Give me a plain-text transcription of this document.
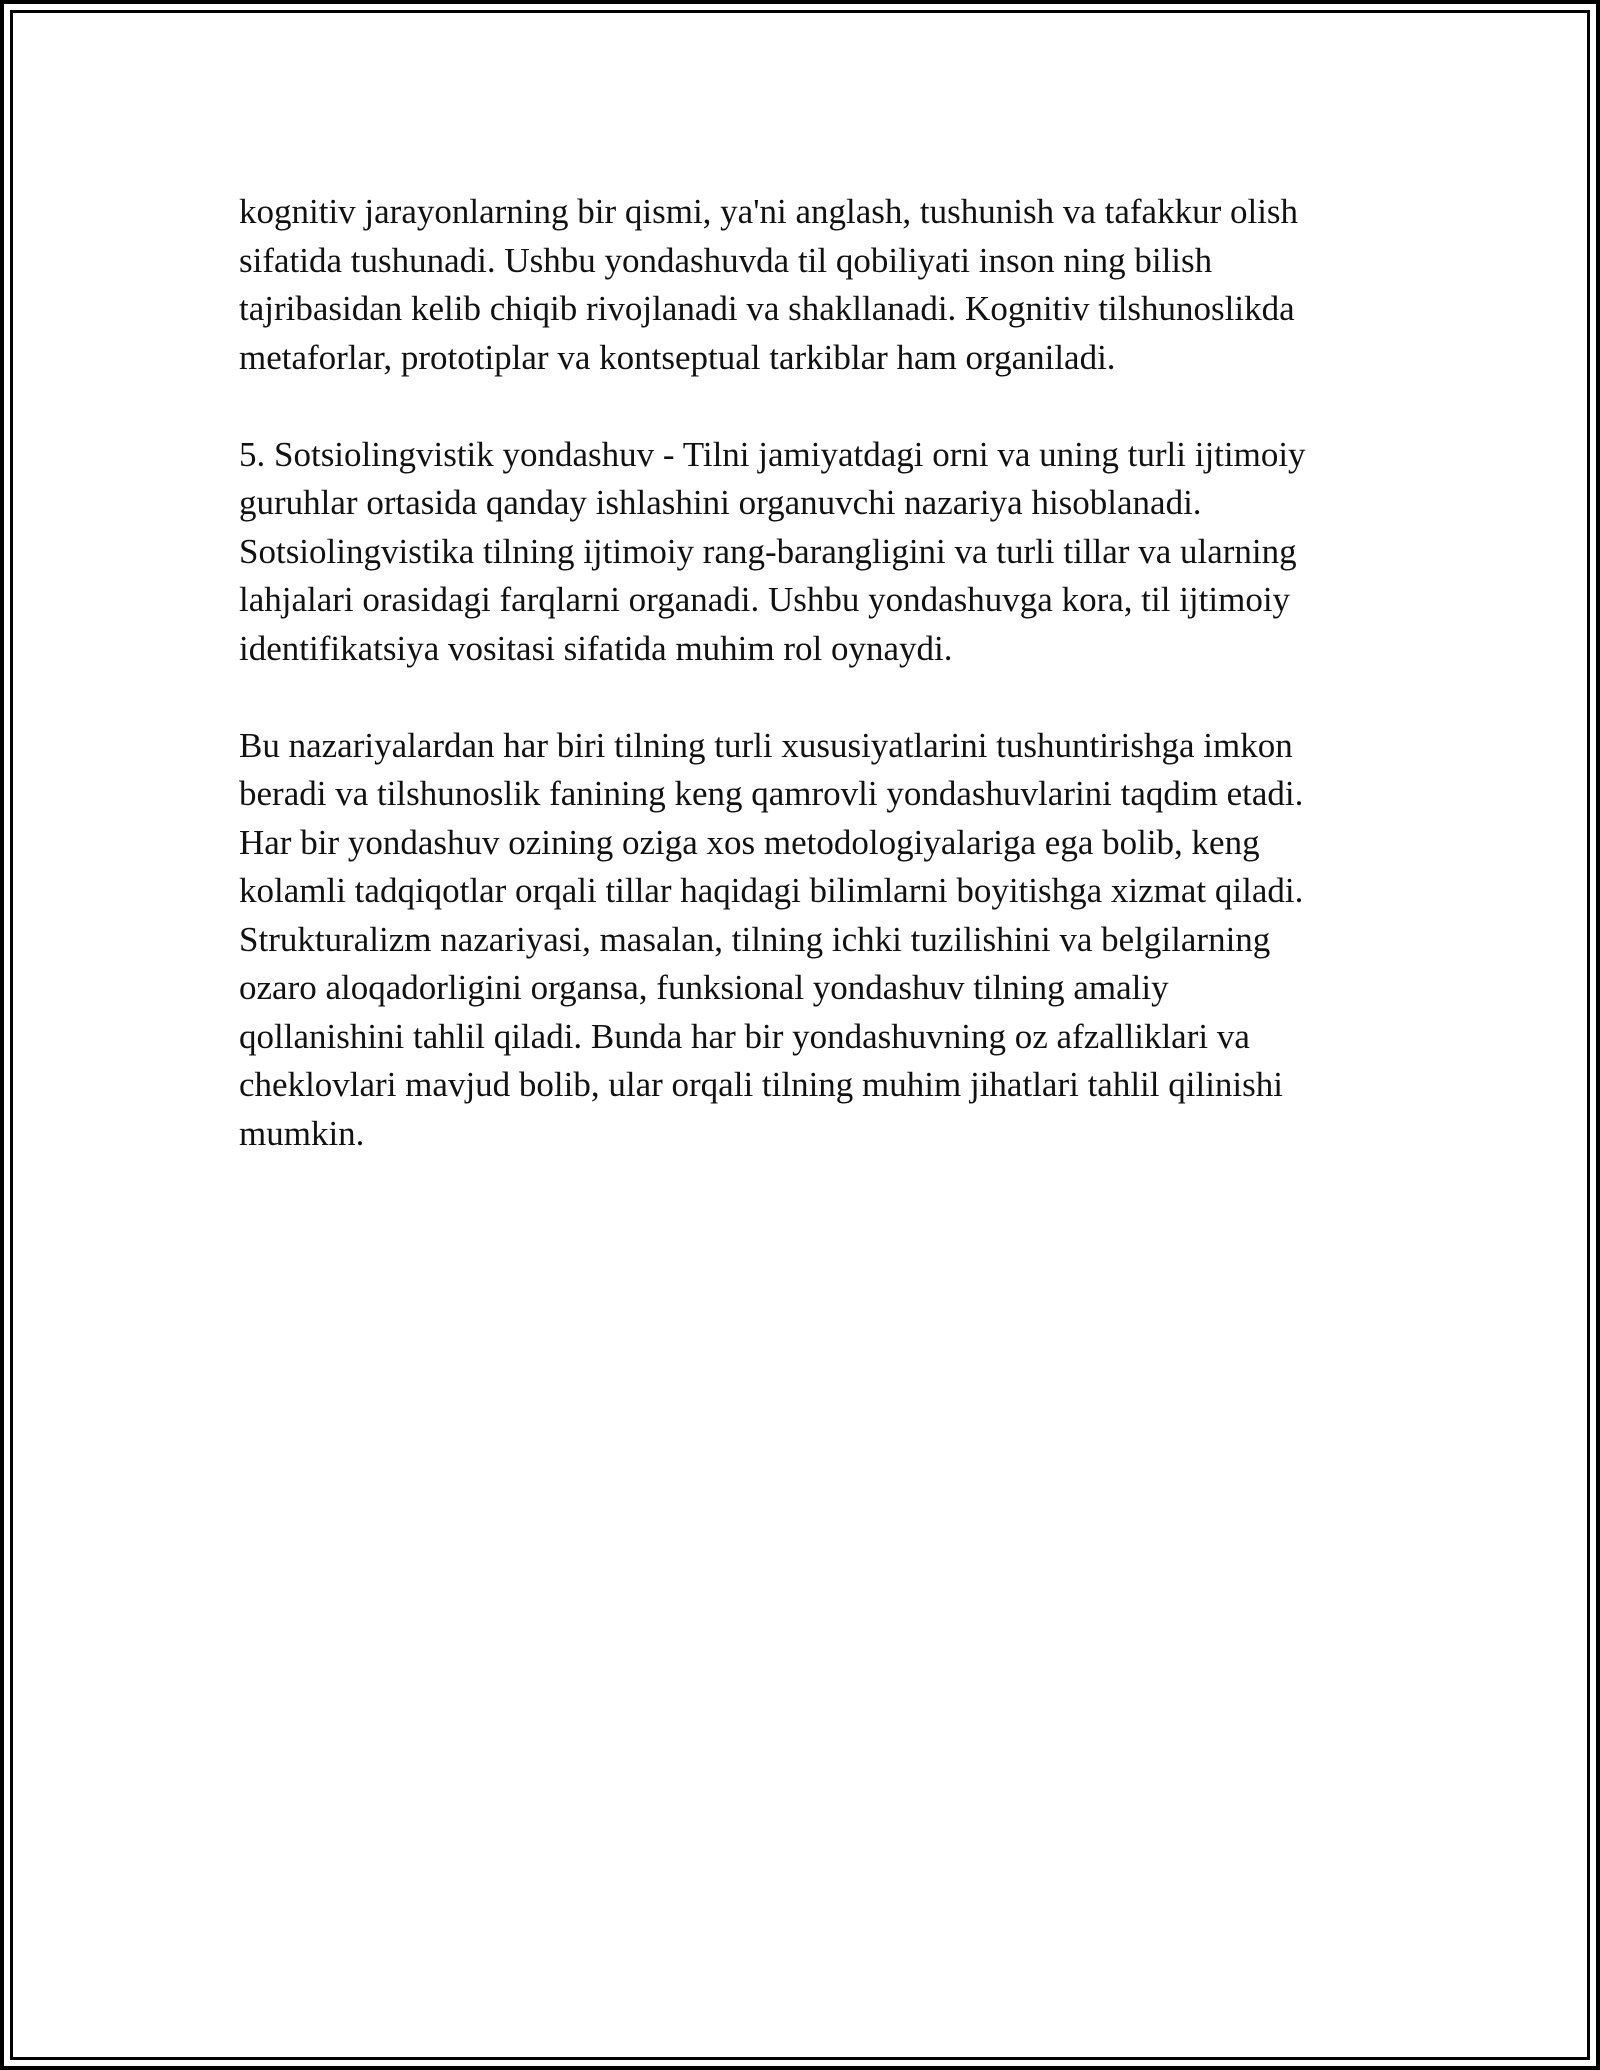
kognitiv jarayonlarning bir qismi, ya'ni anglash, tushunish va tafakkur olish
sifatida tushunadi. Ushbu yondashuvda til qobiliyati inson ning bilish
tajribasidan kelib chiqib rivojlanadi va shakllanadi. Kognitiv tilshunoslikda
metaforlar, prototiplar va kontseptual tarkiblar ham organiladi.

5. Sotsiolingvistik yondashuv - Tilni jamiyatdagi orni va uning turli ijtimoiy
guruhlar ortasida qanday ishlashini organuvchi nazariya hisoblanadi.
Sotsiolingvistika tilning ijtimoiy rang-barangligini va turli tillar va ularning
lahjalari orasidagi farqlarni organadi. Ushbu yondashuvga kora, til ijtimoiy
identifikatsiya vositasi sifatida muhim rol oynaydi.

Bu nazariyalardan har biri tilning turli xususiyatlarini tushuntirishga imkon
beradi va tilshunoslik fanining keng qamrovli yondashuvlarini taqdim etadi.
Har bir yondashuv ozining oziga xos metodologiyalariga ega bolib, keng
kolamli tadqiqotlar orqali tillar haqidagi bilimlarni boyitishga xizmat qiladi.
Strukturalizm nazariyasi, masalan, tilning ichki tuzilishini va belgilarning
ozaro aloqadorligini organsa, funksional yondashuv tilning amaliy
qollanishini tahlil qiladi. Bunda har bir yondashuvning oz afzalliklari va
cheklovlari mavjud bolib, ular orqali tilning muhim jihatlari tahlil qilinishi
mumkin.
